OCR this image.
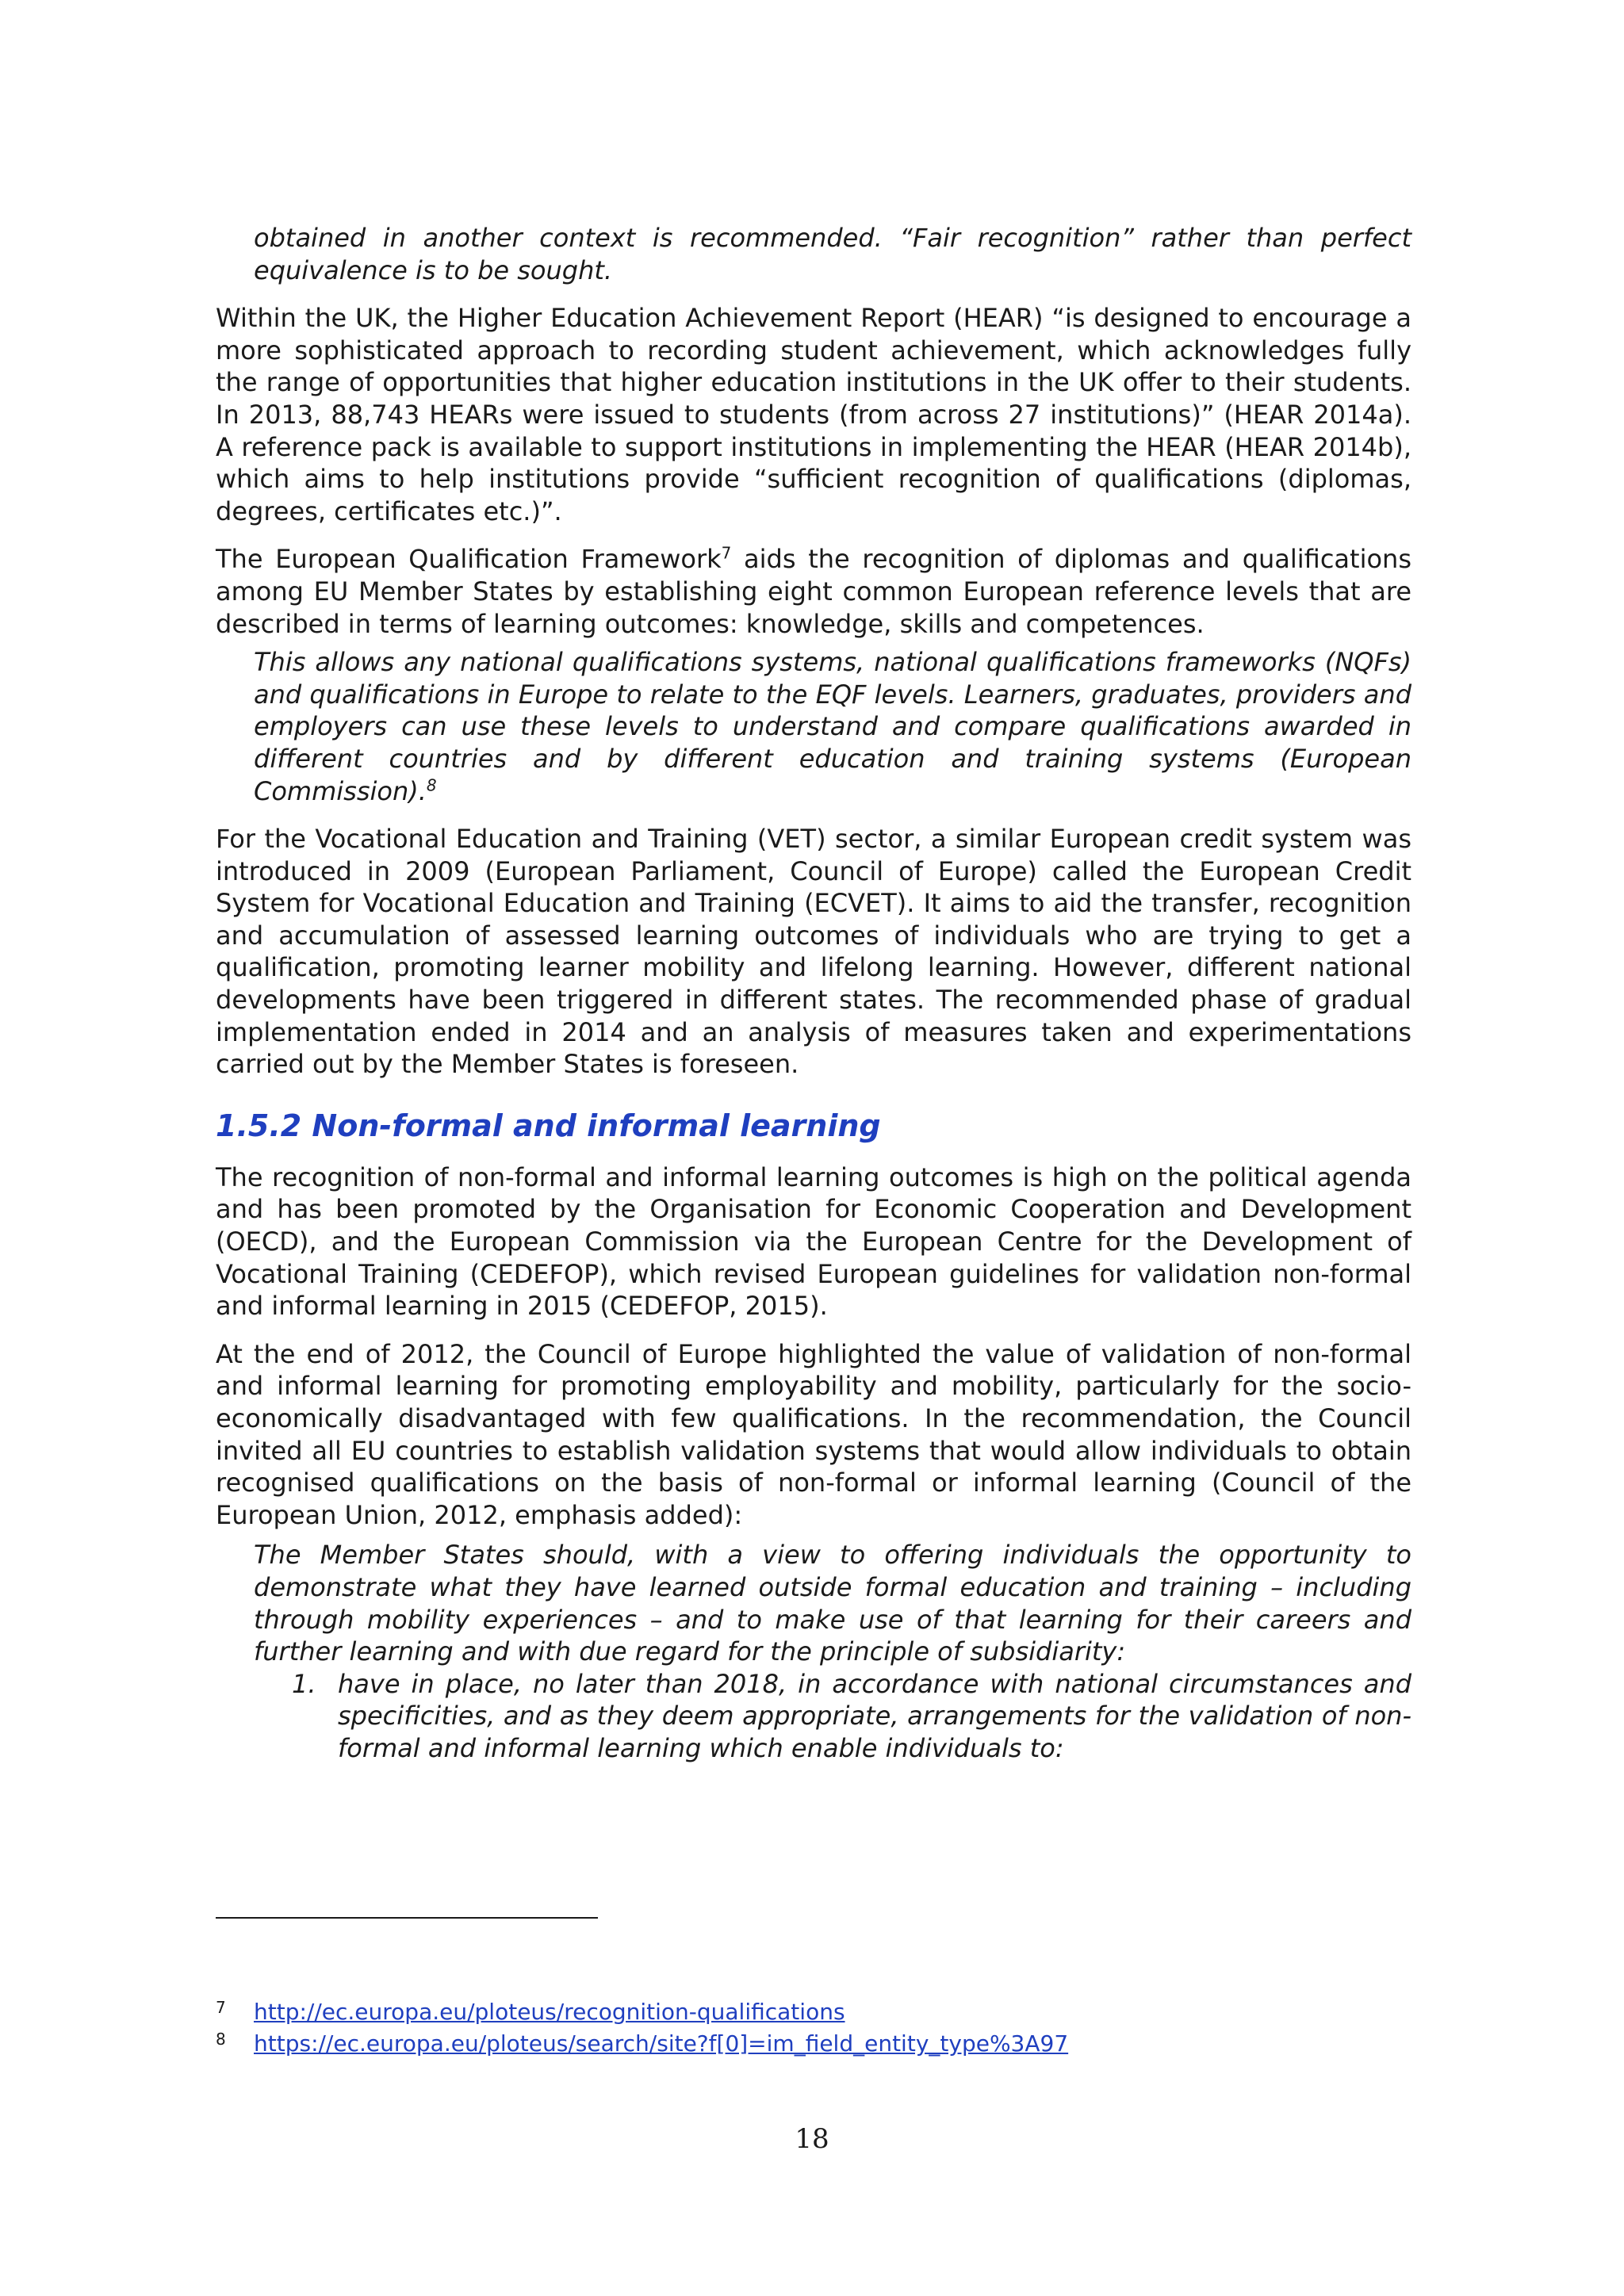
obtained in another context is recommended. “Fair recognition” rather than perfect equivalence is to be sought.

Within the UK, the Higher Education Achievement Report (HEAR) “is designed to encourage a more sophisticated approach to recording student achievement, which acknowledges fully the range of opportunities that higher education institutions in the UK offer to their students. In 2013, 88,743 HEARs were issued to students (from across 27 institutions)” (HEAR 2014a). A reference pack is available to support institutions in implementing the HEAR (HEAR 2014b), which aims to help institutions provide “sufficient recognition of qualifications (diplomas, degrees, certificates etc.)”.

The European Qualification Framework$^7$ aids the recognition of diplomas and qualifications among EU Member States by establishing eight common European reference levels that are described in terms of learning outcomes: knowledge, skills and competences.

This allows any national qualifications systems, national qualifications frameworks (NQFs) and qualifications in Europe to relate to the EQF levels. Learners, graduates, providers and employers can use these levels to understand and compare qualifications awarded in different countries and by different education and training systems (European Commission).$^8$

For the Vocational Education and Training (VET) sector, a similar European credit system was introduced in 2009 (European Parliament, Council of Europe) called the European Credit System for Vocational Education and Training (ECVET). It aims to aid the transfer, recognition and accumulation of assessed learning outcomes of individuals who are trying to get a qualification, promoting learner mobility and lifelong learning. However, different national developments have been triggered in different states. The recommended phase of gradual implementation ended in 2014 and an analysis of measures taken and experimentations carried out by the Member States is foreseen.

1.5.2 Non-formal and informal learning

The recognition of non-formal and informal learning outcomes is high on the political agenda and has been promoted by the Organisation for Economic Cooperation and Development (OECD), and the European Commission via the European Centre for the Development of Vocational Training (CEDEFOP), which revised European guidelines for validation non-formal and informal learning in 2015 (CEDEFOP, 2015).

At the end of 2012, the Council of Europe highlighted the value of validation of non-formal and informal learning for promoting employability and mobility, particularly for the socio-economically disadvantaged with few qualifications. In the recommendation, the Council invited all EU countries to establish validation systems that would allow individuals to obtain recognised qualifications on the basis of non-formal or informal learning (Council of the European Union, 2012, emphasis added):

The Member States should, with a view to offering individuals the opportunity to demonstrate what they have learned outside formal education and training – including through mobility experiences – and to make use of that learning for their careers and further learning and with due regard for the principle of subsidiarity:

1. have in place, no later than 2018, in accordance with national circumstances and specificities, and as they deem appropriate, arrangements for the validation of non-formal and informal learning which enable individuals to:

7 http://ec.europa.eu/ploteus/recognition-qualifications
8 https://ec.europa.eu/ploteus/search/site?f[0]=im_field_entity_type%3A97
18
